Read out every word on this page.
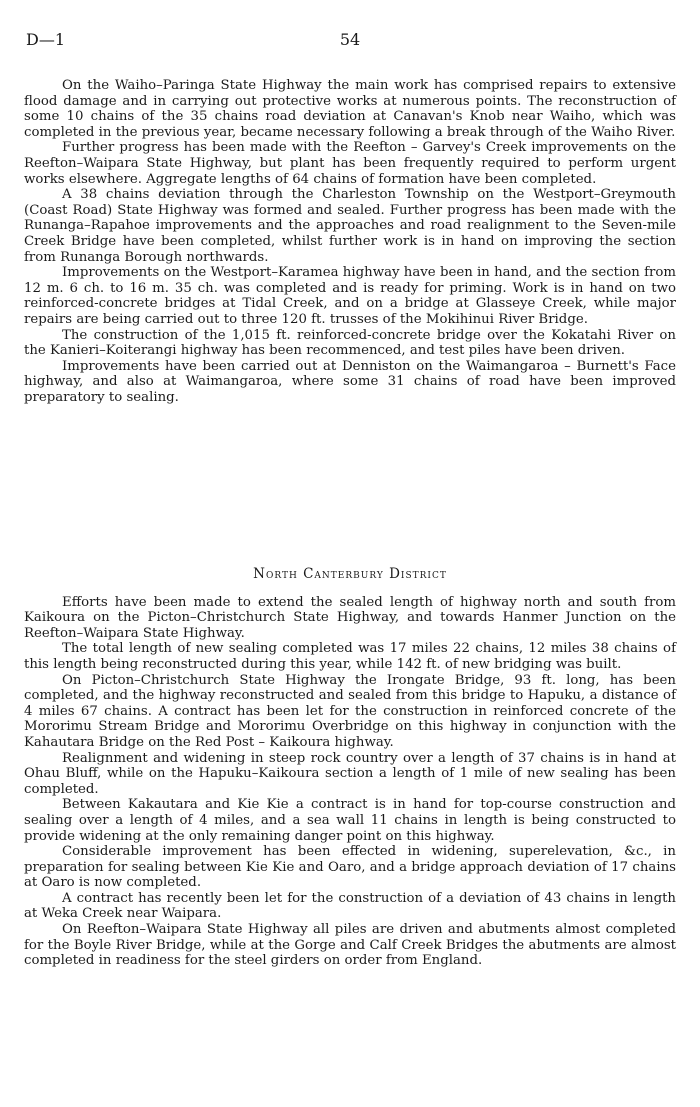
D—1	54

On the Waiho–Paringa State Highway the main work has comprised repairs to extensive flood damage and in carrying out protective works at numerous points. The reconstruction of some 10 chains of the 35 chains road deviation at Canavan's Knob near Waiho, which was completed in the previous year, became necessary following a break through of the Waiho River.

Further progress has been made with the Reefton – Garvey's Creek improvements on the Reefton–Waipara State Highway, but plant has been frequently required to perform urgent works elsewhere. Aggregate lengths of 64 chains of formation have been completed.

A 38 chains deviation through the Charleston Township on the Westport–Greymouth (Coast Road) State Highway was formed and sealed. Further progress has been made with the Runanga–Rapahoe improvements and the approaches and road realignment to the Seven-mile Creek Bridge have been completed, whilst further work is in hand on improving the section from Runanga Borough northwards.

Improvements on the Westport–Karamea highway have been in hand, and the section from 12 m. 6 ch. to 16 m. 35 ch. was completed and is ready for priming. Work is in hand on two reinforced-concrete bridges at Tidal Creek, and on a bridge at Glasseye Creek, while major repairs are being carried out to three 120 ft. trusses of the Mokihinui River Bridge.

The construction of the 1,015 ft. reinforced-concrete bridge over the Kokatahi River on the Kanieri–Koiterangi highway has been recommenced, and test piles have been driven.

Improvements have been carried out at Denniston on the Waimangaroa – Burnett's Face highway, and also at Waimangaroa, where some 31 chains of road have been improved preparatory to sealing.

North Canterbury District

Efforts have been made to extend the sealed length of highway north and south from Kaikoura on the Picton–Christchurch State Highway, and towards Hanmer Junction on the Reefton–Waipara State Highway.

The total length of new sealing completed was 17 miles 22 chains, 12 miles 38 chains of this length being reconstructed during this year, while 142 ft. of new bridging was built.

On Picton–Christchurch State Highway the Irongate Bridge, 93 ft. long, has been completed, and the highway reconstructed and sealed from this bridge to Hapuku, a distance of 4 miles 67 chains. A contract has been let for the construction in reinforced concrete of the Mororimu Stream Bridge and Mororimu Overbridge on this highway in conjunction with the Kahautara Bridge on the Red Post – Kaikoura highway.

Realignment and widening in steep rock country over a length of 37 chains is in hand at Ohau Bluff, while on the Hapuku–Kaikoura section a length of 1 mile of new sealing has been completed.

Between Kakautara and Kie Kie a contract is in hand for top-course construction and sealing over a length of 4 miles, and a sea wall 11 chains in length is being constructed to provide widening at the only remaining danger point on this highway.

Considerable improvement has been effected in widening, superelevation, &c., in preparation for sealing between Kie Kie and Oaro, and a bridge approach deviation of 17 chains at Oaro is now completed.

A contract has recently been let for the construction of a deviation of 43 chains in length at Weka Creek near Waipara.

On Reefton–Waipara State Highway all piles are driven and abutments almost completed for the Boyle River Bridge, while at the Gorge and Calf Creek Bridges the abutments are almost completed in readiness for the steel girders on order from England.
